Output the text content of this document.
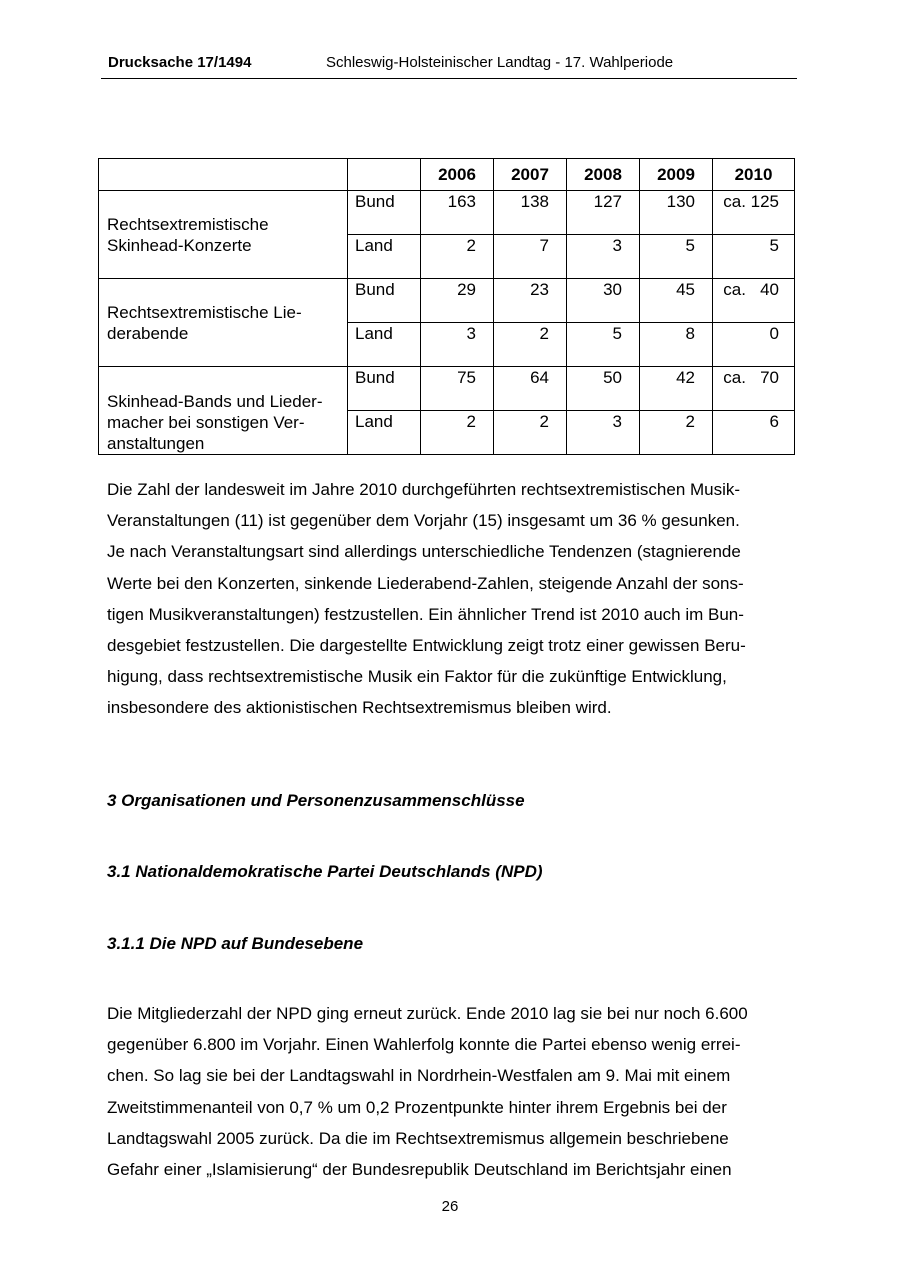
Drucksache 17/1494	Schleswig-Holsteinischer Landtag - 17. Wahlperiode
		2006	2007	2008	2009	2010

Rechtsextremistische
Skinhead-Konzerte	Bund	163	138	127	130	ca. 125
	Land	2	7	3	5	5

Rechtsextremistische Lie-
derabende	Bund	29	23	30	45	ca.   40
	Land	3	2	5	8	0

Skinhead-Bands und Lieder-
macher bei sonstigen Ver-
anstaltungen	Bund	75	64	50	42	ca.   70
	Land	2	2	3	2	6
Die Zahl der landesweit im Jahre 2010 durchgeführten rechtsextremistischen Musik-
Veranstaltungen (11) ist gegenüber dem Vorjahr (15) insgesamt um 36 % gesunken.
Je nach Veranstaltungsart sind allerdings unterschiedliche Tendenzen (stagnierende
Werte bei den Konzerten, sinkende Liederabend-Zahlen, steigende Anzahl der sons-
tigen Musikveranstaltungen) festzustellen. Ein ähnlicher Trend ist 2010 auch im Bun-
desgebiet festzustellen. Die dargestellte Entwicklung zeigt trotz einer gewissen Beru-
higung, dass rechtsextremistische Musik ein Faktor für die zukünftige Entwicklung,
insbesondere des aktionistischen Rechtsextremismus bleiben wird.
3 Organisationen und Personenzusammenschlüsse
3.1 Nationaldemokratische Partei Deutschlands (NPD)
3.1.1 Die NPD auf Bundesebene
Die Mitgliederzahl der NPD ging erneut zurück. Ende 2010 lag sie bei nur noch 6.600
gegenüber 6.800 im Vorjahr. Einen Wahlerfolg konnte die Partei ebenso wenig errei-
chen. So lag sie bei der Landtagswahl in Nordrhein-Westfalen am 9. Mai mit einem
Zweitstimmenanteil von 0,7 % um 0,2 Prozentpunkte hinter ihrem Ergebnis bei der
Landtagswahl 2005 zurück. Da die im Rechtsextremismus allgemein beschriebene
Gefahr einer „Islamisierung“ der Bundesrepublik Deutschland im Berichtsjahr einen
26
